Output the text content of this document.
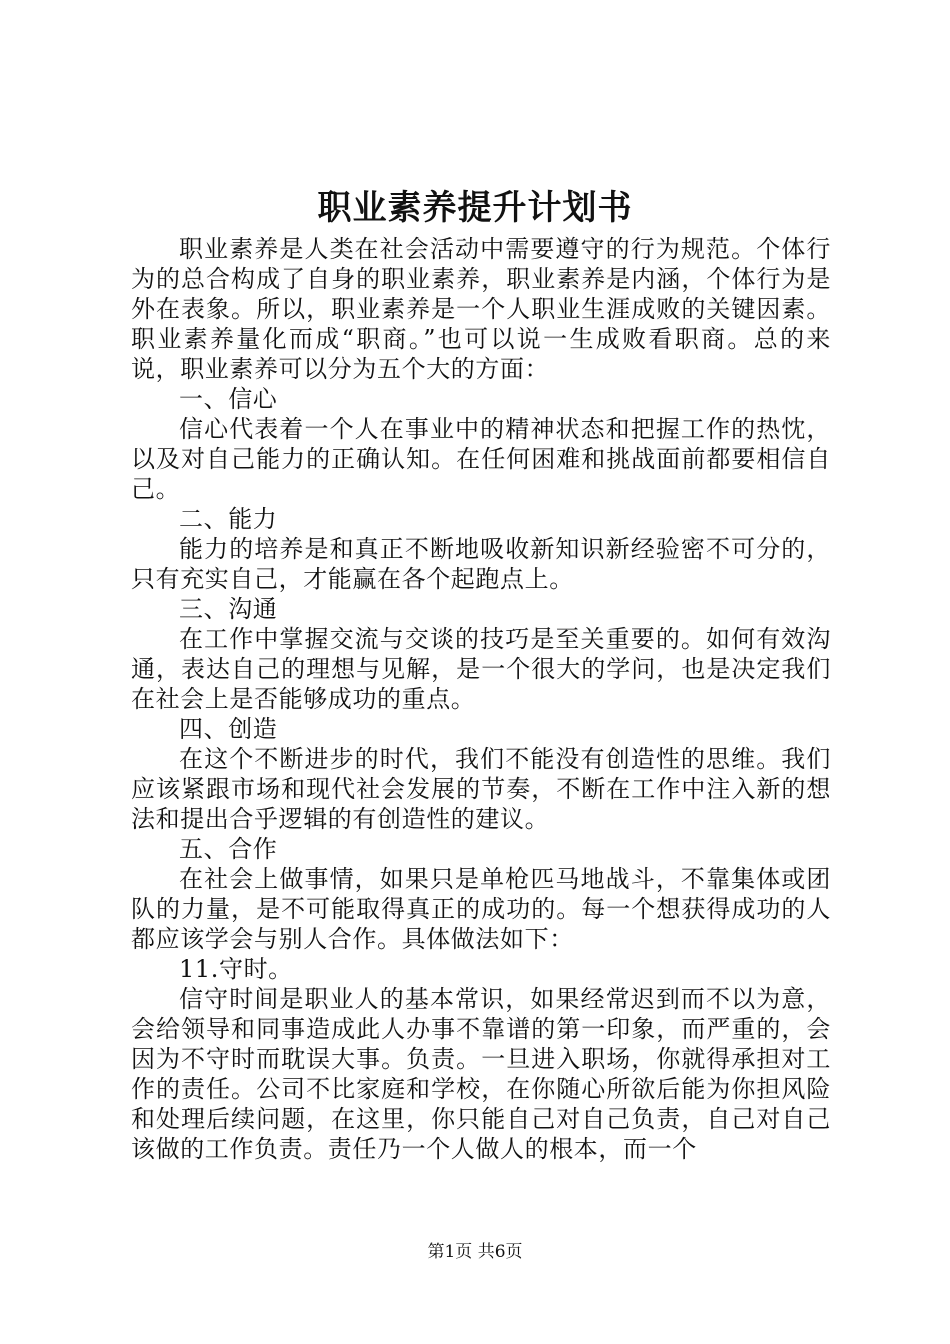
职业素养提升计划书

职业素养是人类在社会活动中需要遵守的行为规范。个体行为的总合构成了自身的职业素养，职业素养是内涵，个体行为是外在表象。所以，职业素养是一个人职业生涯成败的关键因素。职业素养量化而成“职商。”也可以说一生成败看职商。总的来说，职业素养可以分为五个大的方面：

一、信心

信心代表着一个人在事业中的精神状态和把握工作的热忱，以及对自己能力的正确认知。在任何困难和挑战面前都要相信自己。

二、能力

能力的培养是和真正不断地吸收新知识新经验密不可分的，只有充实自己，才能赢在各个起跑点上。

三、沟通

在工作中掌握交流与交谈的技巧是至关重要的。如何有效沟通，表达自己的理想与见解，是一个很大的学问，也是决定我们在社会上是否能够成功的重点。

四、创造

在这个不断进步的时代，我们不能没有创造性的思维。我们应该紧跟市场和现代社会发展的节奏，不断在工作中注入新的想法和提出合乎逻辑的有创造性的建议。

五、合作

在社会上做事情，如果只是单枪匹马地战斗，不靠集体或团队的力量，是不可能取得真正的成功的。每一个想获得成功的人都应该学会与别人合作。具体做法如下：

11.守时。

信守时间是职业人的基本常识，如果经常迟到而不以为意，会给领导和同事造成此人办事不靠谱的第一印象，而严重的，会因为不守时而耽误大事。负责。一旦进入职场，你就得承担对工作的责任。公司不比家庭和学校，在你随心所欲后能为你担风险和处理后续问题，在这里，你只能自己对自己负责，自己对自己该做的工作负责。责任乃一个人做人的根本，而一个

第1页 共6页
